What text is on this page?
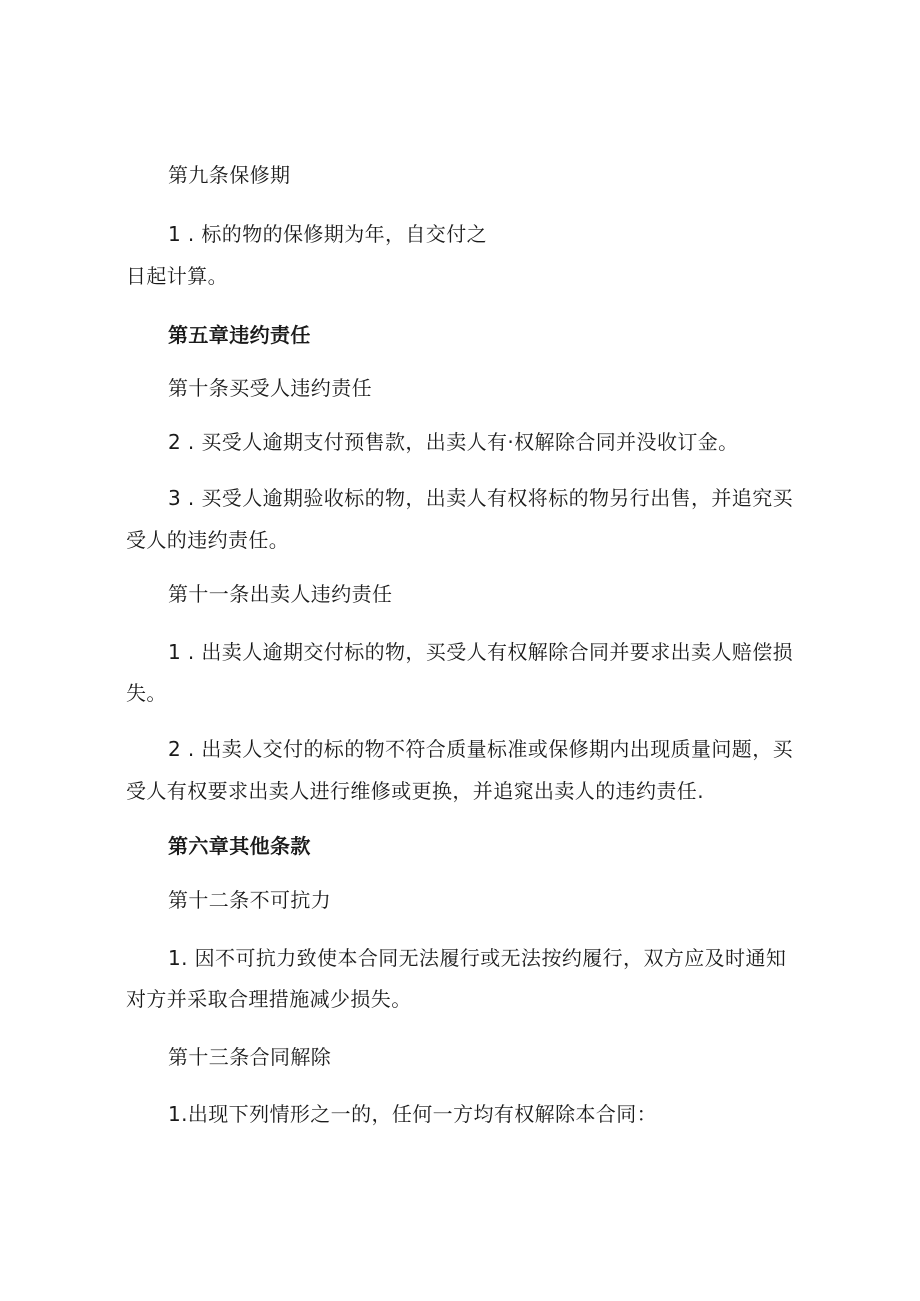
第九条保修期

1 . 标的物的保修期为年，自交付之

日起计算。

第五章违约责任

第十条买受人违约责任

2 . 买受人逾期支付预售款，出卖人有·权解除合同并没收订金。

3 . 买受人逾期验收标的物，出卖人有权将标的物另行出售，并追究买

受人的违约责任。

第十一条出卖人违约责任

1 . 出卖人逾期交付标的物，买受人有权解除合同并要求出卖人赔偿损

失。

2 . 出卖人交付的标的物不符合质量标准或保修期内出现质量问题，买

受人有权要求出卖人进行维修或更换，并追窕出卖人的违约责任.

第六章其他条款

第十二条不可抗力

1. 因不可抗力致使本合同无法履行或无法按约履行，双方应及时通知

对方并采取合理措施减少损失。

第十三条合同解除

1.出现下列情形之一的，任何一方均有权解除本合同：
